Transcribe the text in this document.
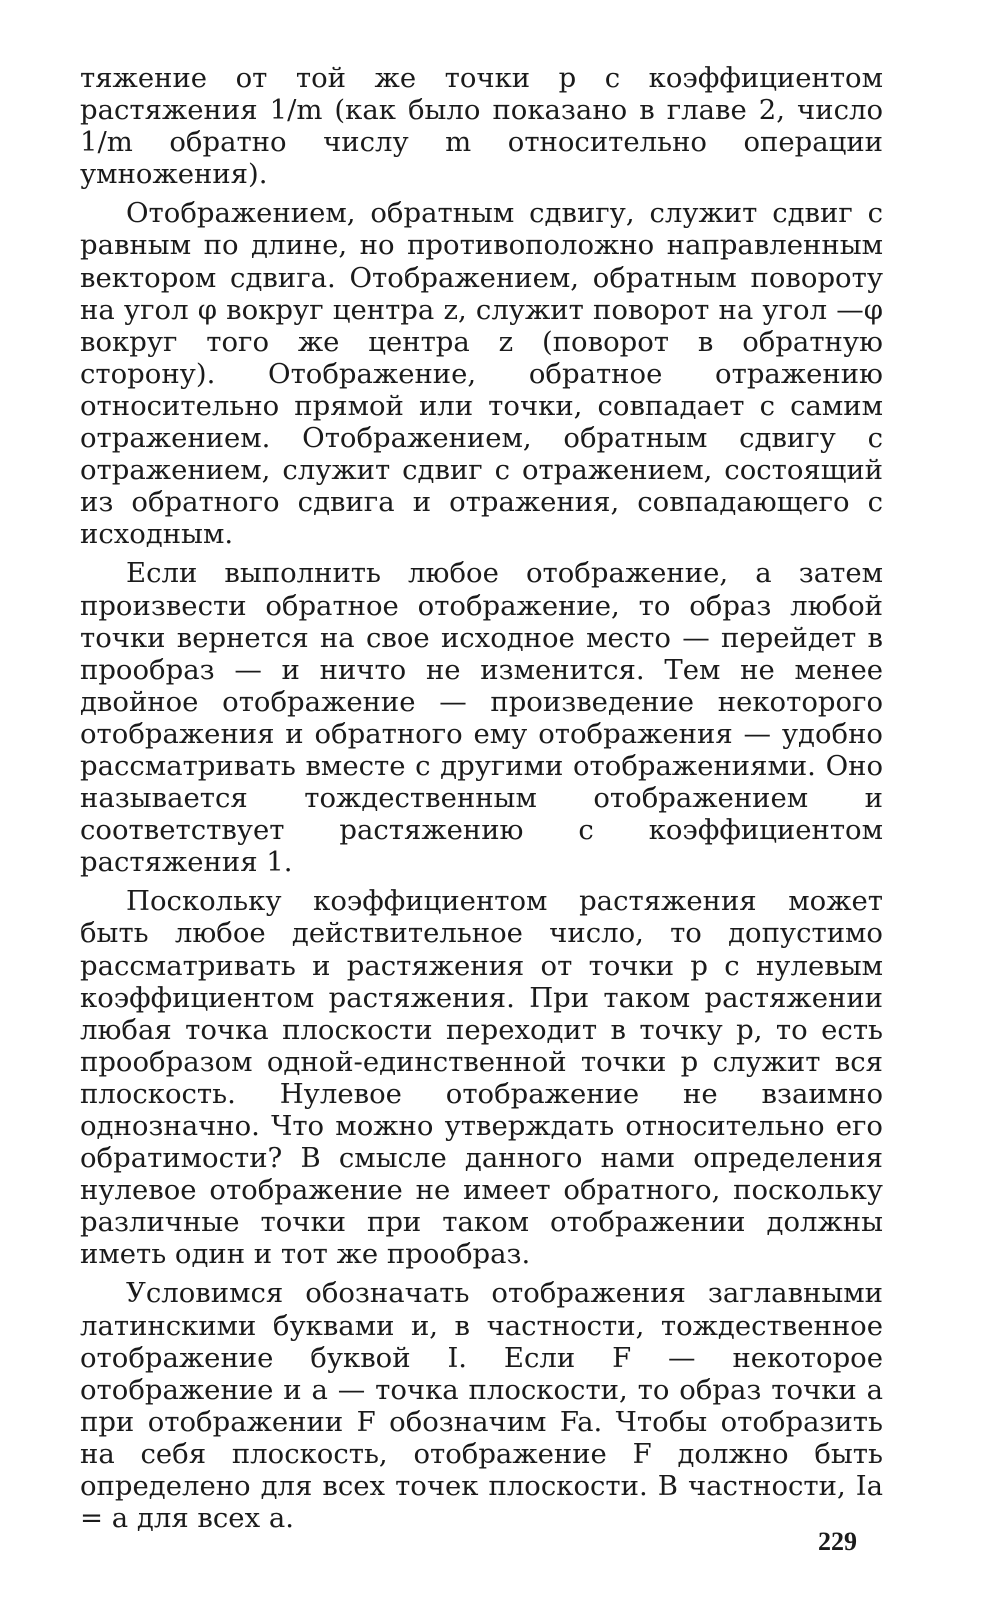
тяжение от той же точки p с коэффициентом растяжения 1/m (как было показано в главе 2, число 1/m обратно числу m относительно операции умножения).

Отображением, обратным сдвигу, служит сдвиг с равным по длине, но противоположно направленным вектором сдвига. Отображением, обратным повороту на угол φ вокруг центра z, служит поворот на угол —φ вокруг того же центра z (поворот в обратную сторону). Отображение, обратное отражению относительно прямой или точки, совпадает с самим отражением. Отображением, обратным сдвигу с отражением, служит сдвиг с отражением, состоящий из обратного сдвига и отражения, совпадающего с исходным.

Если выполнить любое отображение, а затем произвести обратное отображение, то образ любой точки вернется на свое исходное место — перейдет в прообраз — и ничто не изменится. Тем не менее двойное отображение — произведение некоторого отображения и обратного ему отображения — удобно рассматривать вместе с другими отображениями. Оно называется тождественным отображением и соответствует растяжению с коэффициентом растяжения 1.

Поскольку коэффициентом растяжения может быть любое действительное число, то допустимо рассматривать и растяжения от точки p с нулевым коэффициентом растяжения. При таком растяжении любая точка плоскости переходит в точку p, то есть прообразом одной-единственной точки p служит вся плоскость. Нулевое отображение не взаимно однозначно. Что можно утверждать относительно его обратимости? В смысле данного нами определения нулевое отображение не имеет обратного, поскольку различные точки при таком отображении должны иметь один и тот же прообраз.

Условимся обозначать отображения заглавными латинскими буквами и, в частности, тождественное отображение буквой I. Если F — некоторое отображение и a — точка плоскости, то образ точки a при отображении F обозначим Fa. Чтобы отобразить на себя плоскость, отображение F должно быть определено для всех точек плоскости. В частности, Ia = a для всех a.

229
